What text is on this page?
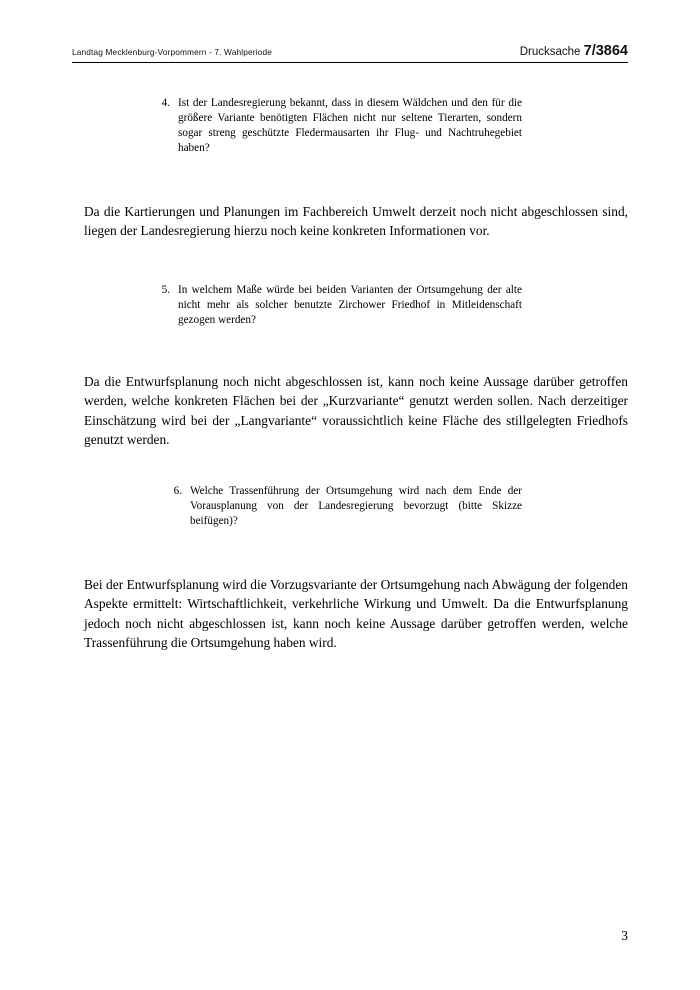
Landtag Mecklenburg-Vorpommern - 7. Wahlperiode	Drucksache 7/3864
4. Ist der Landesregierung bekannt, dass in diesem Wäldchen und den für die größere Variante benötigten Flächen nicht nur seltene Tierarten, sondern sogar streng geschützte Fledermausarten ihr Flug- und Nachtruhegebiet haben?
Da die Kartierungen und Planungen im Fachbereich Umwelt derzeit noch nicht abgeschlossen sind, liegen der Landesregierung hierzu noch keine konkreten Informationen vor.
5. In welchem Maße würde bei beiden Varianten der Ortsumgehung der alte nicht mehr als solcher benutzte Zirchower Friedhof in Mitleidenschaft gezogen werden?
Da die Entwurfsplanung noch nicht abgeschlossen ist, kann noch keine Aussage darüber getroffen werden, welche konkreten Flächen bei der „Kurzvariante“ genutzt werden sollen. Nach derzeitiger Einschätzung wird bei der „Langvariante“ voraussichtlich keine Fläche des stillgelegten Friedhofs genutzt werden.
6. Welche Trassenführung der Ortsumgehung wird nach dem Ende der Vorausplanung von der Landesregierung bevorzugt (bitte Skizze beifügen)?
Bei der Entwurfsplanung wird die Vorzugsvariante der Ortsumgehung nach Abwägung der folgenden Aspekte ermittelt: Wirtschaftlichkeit, verkehrliche Wirkung und Umwelt. Da die Entwurfsplanung jedoch noch nicht abgeschlossen ist, kann noch keine Aussage darüber getroffen werden, welche Trassenführung die Ortsumgehung haben wird.
3
